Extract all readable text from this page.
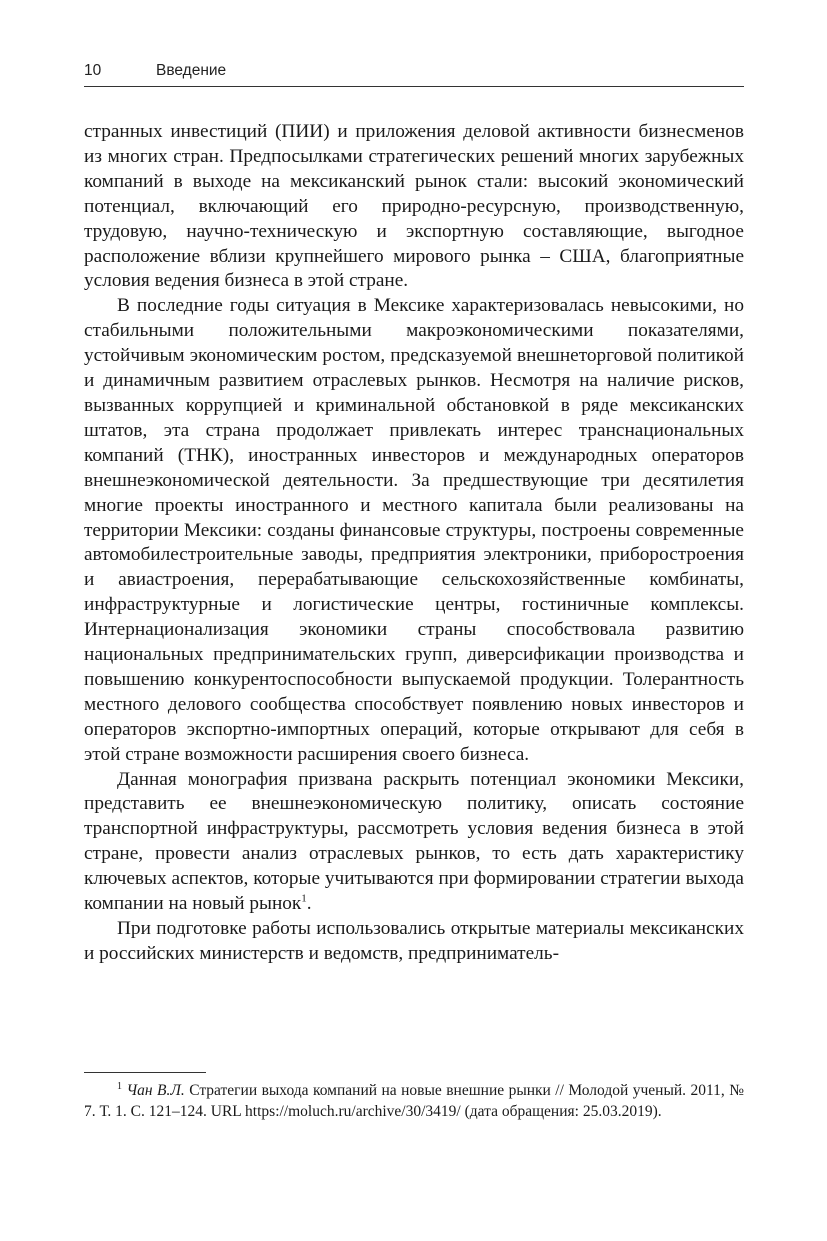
10	Введение

странных инвестиций (ПИИ) и приложения деловой активности бизнесменов из многих стран. Предпосылками стратегических решений многих зарубежных компаний в выходе на мексиканский рынок стали: высокий экономический потенциал, включающий его природно-ресурсную, производственную, трудовую, научно-техническую и экспортную составляющие, выгодное расположение вблизи крупнейшего мирового рынка – США, благоприятные условия ведения бизнеса в этой стране.

В последние годы ситуация в Мексике характеризовалась невысокими, но стабильными положительными макроэкономическими показателями, устойчивым экономическим ростом, предсказуемой внешнеторговой политикой и динамичным развитием отраслевых рынков. Несмотря на наличие рисков, вызванных коррупцией и криминальной обстановкой в ряде мексиканских штатов, эта страна продолжает привлекать интерес транснациональных компаний (ТНК), иностранных инвесторов и международных операторов внешнеэкономической деятельности. За предшествующие три десятилетия многие проекты иностранного и местного капитала были реализованы на территории Мексики: созданы финансовые структуры, построены современные автомобилестроительные заводы, предприятия электроники, приборостроения и авиастроения, перерабатывающие сельскохозяйственные комбинаты, инфраструктурные и логистические центры, гостиничные комплексы. Интернационализация экономики страны способствовала развитию национальных предпринимательских групп, диверсификации производства и повышению конкурентоспособности выпускаемой продукции. Толерантность местного делового сообщества способствует появлению новых инвесторов и операторов экспортно-импортных операций, которые открывают для себя в этой стране возможности расширения своего бизнеса.

Данная монография призвана раскрыть потенциал экономики Мексики, представить ее внешнеэкономическую политику, описать состояние транспортной инфраструктуры, рассмотреть условия ведения бизнеса в этой стране, провести анализ отраслевых рынков, то есть дать характеристику ключевых аспектов, которые учитываются при формировании стратегии выхода компании на новый рынок$^1$.

При подготовке работы использовались открытые материалы мексиканских и российских министерств и ведомств, предприниматель-

$^1$ Чан В.Л. Стратегии выхода компаний на новые внешние рынки // Молодой ученый. 2011, № 7. Т. 1. С. 121–124. URL https://moluch.ru/archive/30/3419/ (дата обращения: 25.03.2019).
